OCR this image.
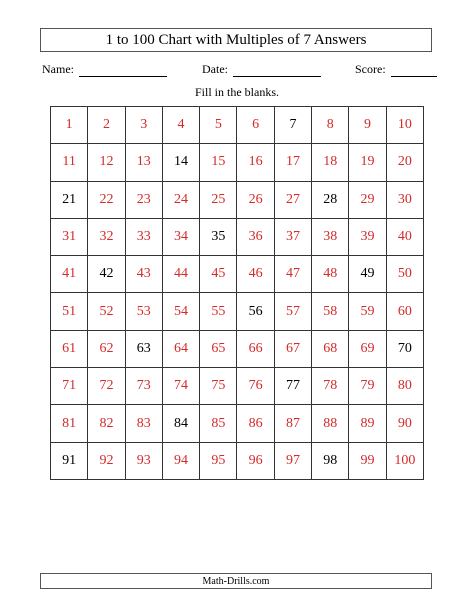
1 to 100 Chart with Multiples of 7 Answers
Name:	Date:	Score:
Fill in the blanks.
1	2	3	4	5	6	7	8	9	10
11	12	13	14	15	16	17	18	19	20
21	22	23	24	25	26	27	28	29	30
31	32	33	34	35	36	37	38	39	40
41	42	43	44	45	46	47	48	49	50
51	52	53	54	55	56	57	58	59	60
61	62	63	64	65	66	67	68	69	70
71	72	73	74	75	76	77	78	79	80
81	82	83	84	85	86	87	88	89	90
91	92	93	94	95	96	97	98	99	100
Math-Drills.com
